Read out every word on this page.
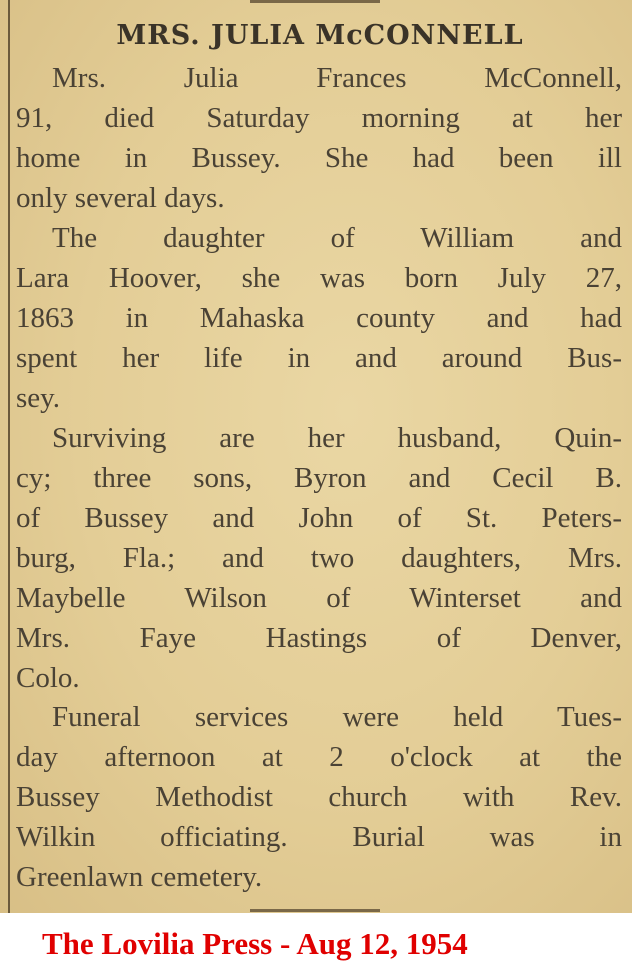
MRS. JULIA McCONNELL
Mrs. Julia Frances McConnell,
91, died Saturday morning at her
home in Bussey. She had been ill
only several days.
The daughter of William and
Lara Hoover, she was born July 27,
1863 in Mahaska county and had
spent her life in and around Bus-
sey.
Surviving are her husband, Quin-
cy; three sons, Byron and Cecil B.
of Bussey and John of St. Peters-
burg, Fla.; and two daughters, Mrs.
Maybelle Wilson of Winterset and
Mrs. Faye Hastings of Denver,
Colo.
Funeral services were held Tues-
day afternoon at 2 o'clock at the
Bussey Methodist church with Rev.
Wilkin officiating. Burial was in
Greenlawn cemetery.
The Lovilia Press - Aug 12, 1954
